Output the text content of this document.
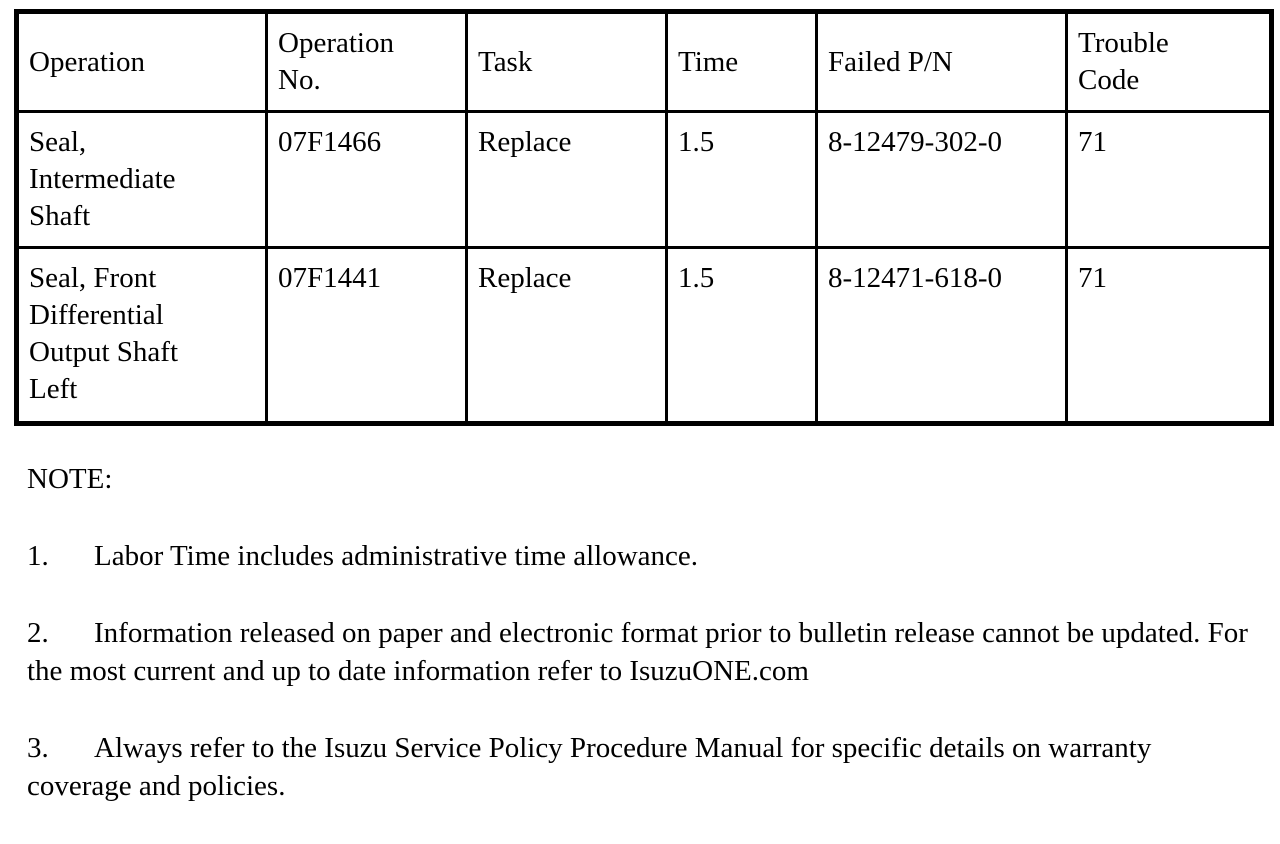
Operation	Operation No.	Task	Time	Failed P/N	Trouble Code

Seal, Intermediate Shaft	07F1466	Replace	1.5	8-12479-302-0	71

Seal, Front Differential Output Shaft Left	07F1441	Replace	1.5	8-12471-618-0	71
NOTE:
1. Labor Time includes administrative time allowance.
2. Information released on paper and electronic format prior to bulletin release cannot be updated. For the most current and up to date information refer to IsuzuONE.com
3. Always refer to the Isuzu Service Policy Procedure Manual for specific details on warranty coverage and policies.
